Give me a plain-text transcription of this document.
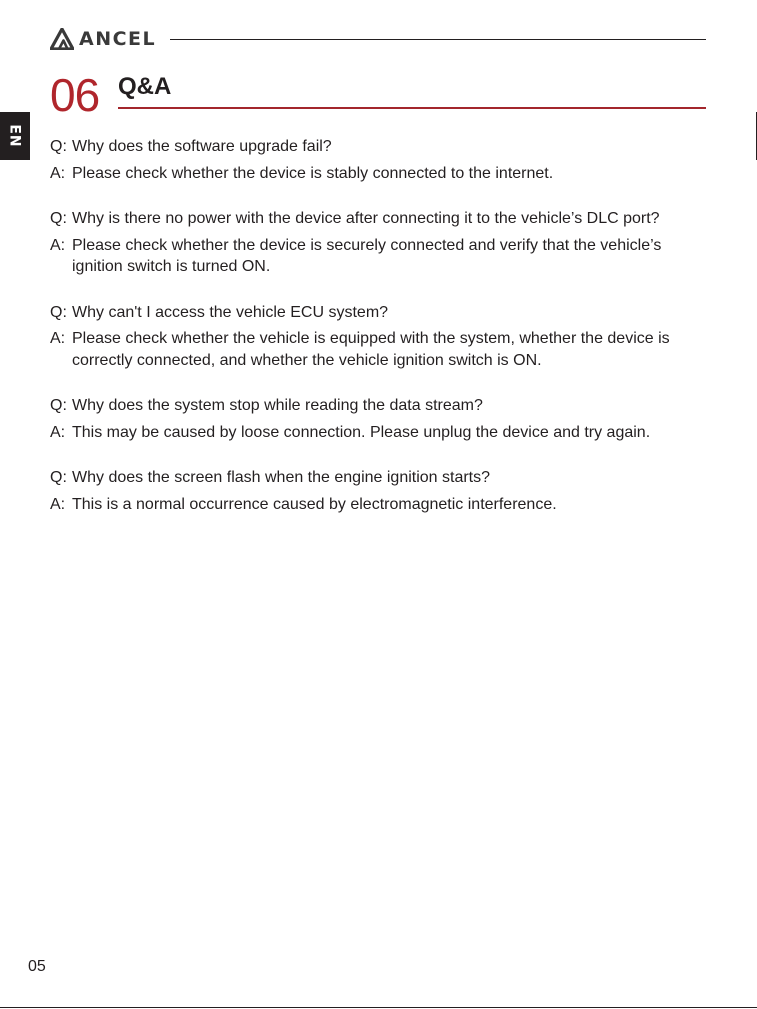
ANCEL
06 Q&A
EN Q: Why does the software upgrade fail?
A: Please check whether the device is stably connected to the internet.
Q: Why is there no power with the device after connecting it to the vehicle’s DLC port?
A: Please check whether the device is securely connected and verify that the vehicle’s ignition switch is turned ON.
Q: Why can't I access the vehicle ECU system?
A: Please check whether the vehicle is equipped with the system, whether the device is correctly connected, and whether the vehicle ignition switch is ON.
Q: Why does the system stop while reading the data stream?
A: This may be caused by loose connection. Please unplug the device and try again.
Q: Why does the screen flash when the engine ignition starts?
A: This is a normal occurrence caused by electromagnetic interference.
05
